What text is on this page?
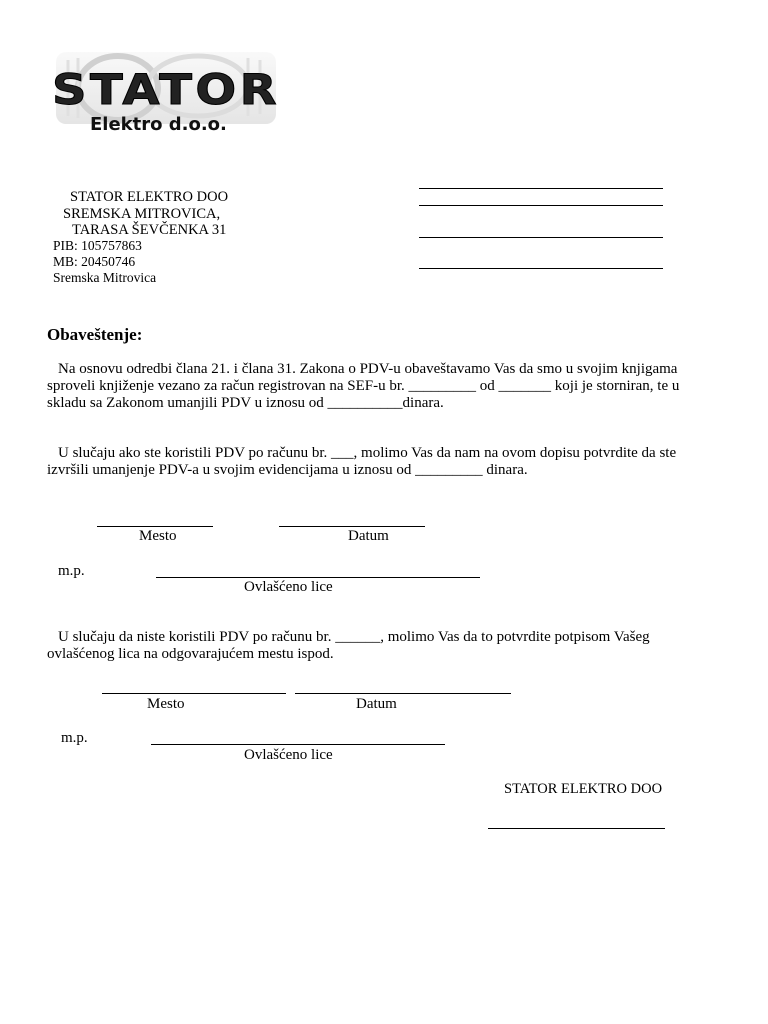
STATOR
Elektro d.o.o.
STATOR ELEKTRO DOO
SREMSKA MITROVICA,
TARASA ŠEVČENKA 31
PIB: 105757863
MB: 20450746
Sremska Mitrovica
Obaveštenje:
Na osnovu odredbi člana 21. i člana 31. Zakona o PDV-u obaveštavamo Vas da smo u svojim knjigama sproveli knjiženje vezano za račun registrovan na SEF-u br. _________ od _______ koji je storniran, te u skladu sa Zakonom umanjili PDV u iznosu od __________dinara.
U slučaju ako ste koristili PDV po računu br. ___, molimo Vas da nam na ovom dopisu potvrdite da ste izvršili umanjenje PDV-a u svojim evidencijama u iznosu od _________ dinara.
Mesto	Datum
m.p.
Ovlašćeno lice
U slučaju da niste koristili PDV po računu br. ______, molimo Vas da to potvrdite potpisom Vašeg ovlašćenog lica na odgovarajućem mestu ispod.
Mesto	Datum
m.p.
Ovlašćeno lice
STATOR ELEKTRO DOO
